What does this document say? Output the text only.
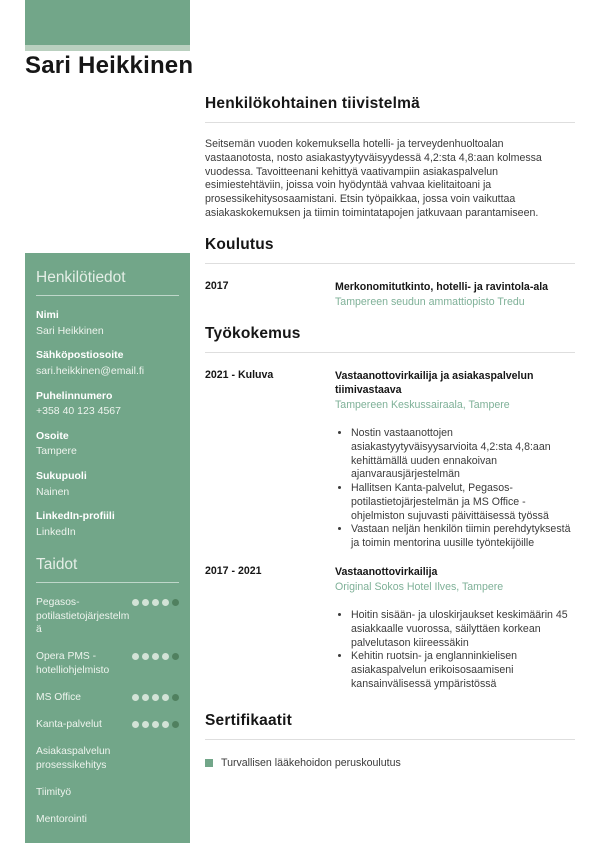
Sari Heikkinen
Henkilötiedot
Nimi
Sari Heikkinen
Sähköpostiosoite
sari.heikkinen@email.fi
Puhelinnumero
+358 40 123 4567
Osoite
Tampere
Sukupuoli
Nainen
LinkedIn-profiili
LinkedIn
Taidot
Pegasos-potilastietojärjestelmä
Opera PMS - hotelliohjelmisto
MS Office
Kanta-palvelut
Asiakaspalvelun prosessikehitys
Tiimityö
Mentorointi
Henkilökohtainen tiivistelmä

Seitsemän vuoden kokemuksella hotelli- ja terveydenhuoltoalan vastaanotosta, nosto asiakastyytyväisyydessä 4,2:sta 4,8:aan kolmessa vuodessa. Tavoitteenani kehittyä vaativampiin asiakaspalvelun esimiestehtäviin, joissa voin hyödyntää vahvaa kielitaitoani ja prosessikehitysosaamistani. Etsin työpaikkaa, jossa voin vaikuttaa asiakaskokemuksen ja tiimin toimintatapojen jatkuvaan parantamiseen.

Koulutus
2017	Merkonomitutkinto, hotelli- ja ravintola-ala
Tampereen seudun ammattiopisto Tredu
Työkokemus
2021 - Kuluva	Vastaanottovirkailija ja asiakaspalvelun tiimivastaava
Tampereen Keskussairaala, Tampere
• Nostin vastaanottojen asiakastyytyväisyysarvioita 4,2:sta 4,8:aan kehittämällä uuden ennakoivan ajanvarausjärjestelmän
• Hallitsen Kanta-palvelut, Pegasos-potilastietojärjestelmän ja MS Office -ohjelmiston sujuvasti päivittäisessä työssä
• Vastaan neljän henkilön tiimin perehdytyksestä ja toimin mentorina uusille työntekijöille
2017 - 2021	Vastaanottovirkailija
Original Sokos Hotel Ilves, Tampere
• Hoitin sisään- ja uloskirjaukset keskimäärin 45 asiakkaalle vuorossa, säilyttäen korkean palvelutason kiireessäkin
• Kehitin ruotsin- ja englanninkielisen asiakaspalvelun erikoisosaamiseni kansainvälisessä ympäristössä
Sertifikaatit
Turvallisen lääkehoidon peruskoulutus
